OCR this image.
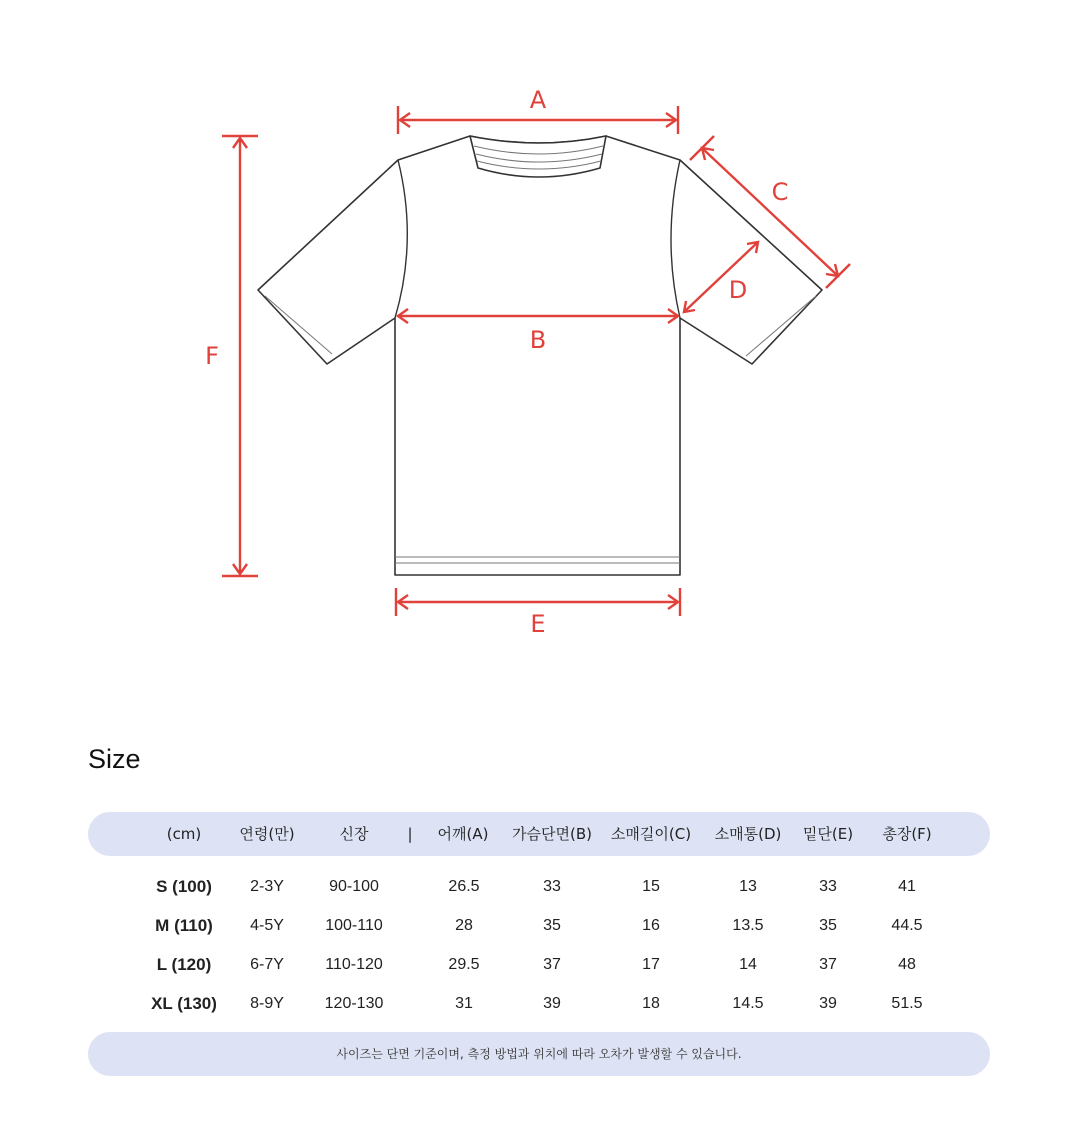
A
B
C
D
E
F
Size
(cm)	연령(만)	신장	| 어깨(A) 가슴단면(B) 소매길이(C) 소매통(D) 밑단(E) 총장(F)
S (100) 2-3Y	90-100	26.5	33	15	13	33	41
M (110) 4-5Y	100-110	28	35	16	13.5	35	44.5
L (120) 6-7Y	110-120	29.5	37	17	14	37	48
XL (130) 8-9Y	120-130	31	39	18	14.5	39	51.5
사이즈는 단면 기준이며, 측정 방법과 위치에 따라 오차가 발생할 수 있습니다.
